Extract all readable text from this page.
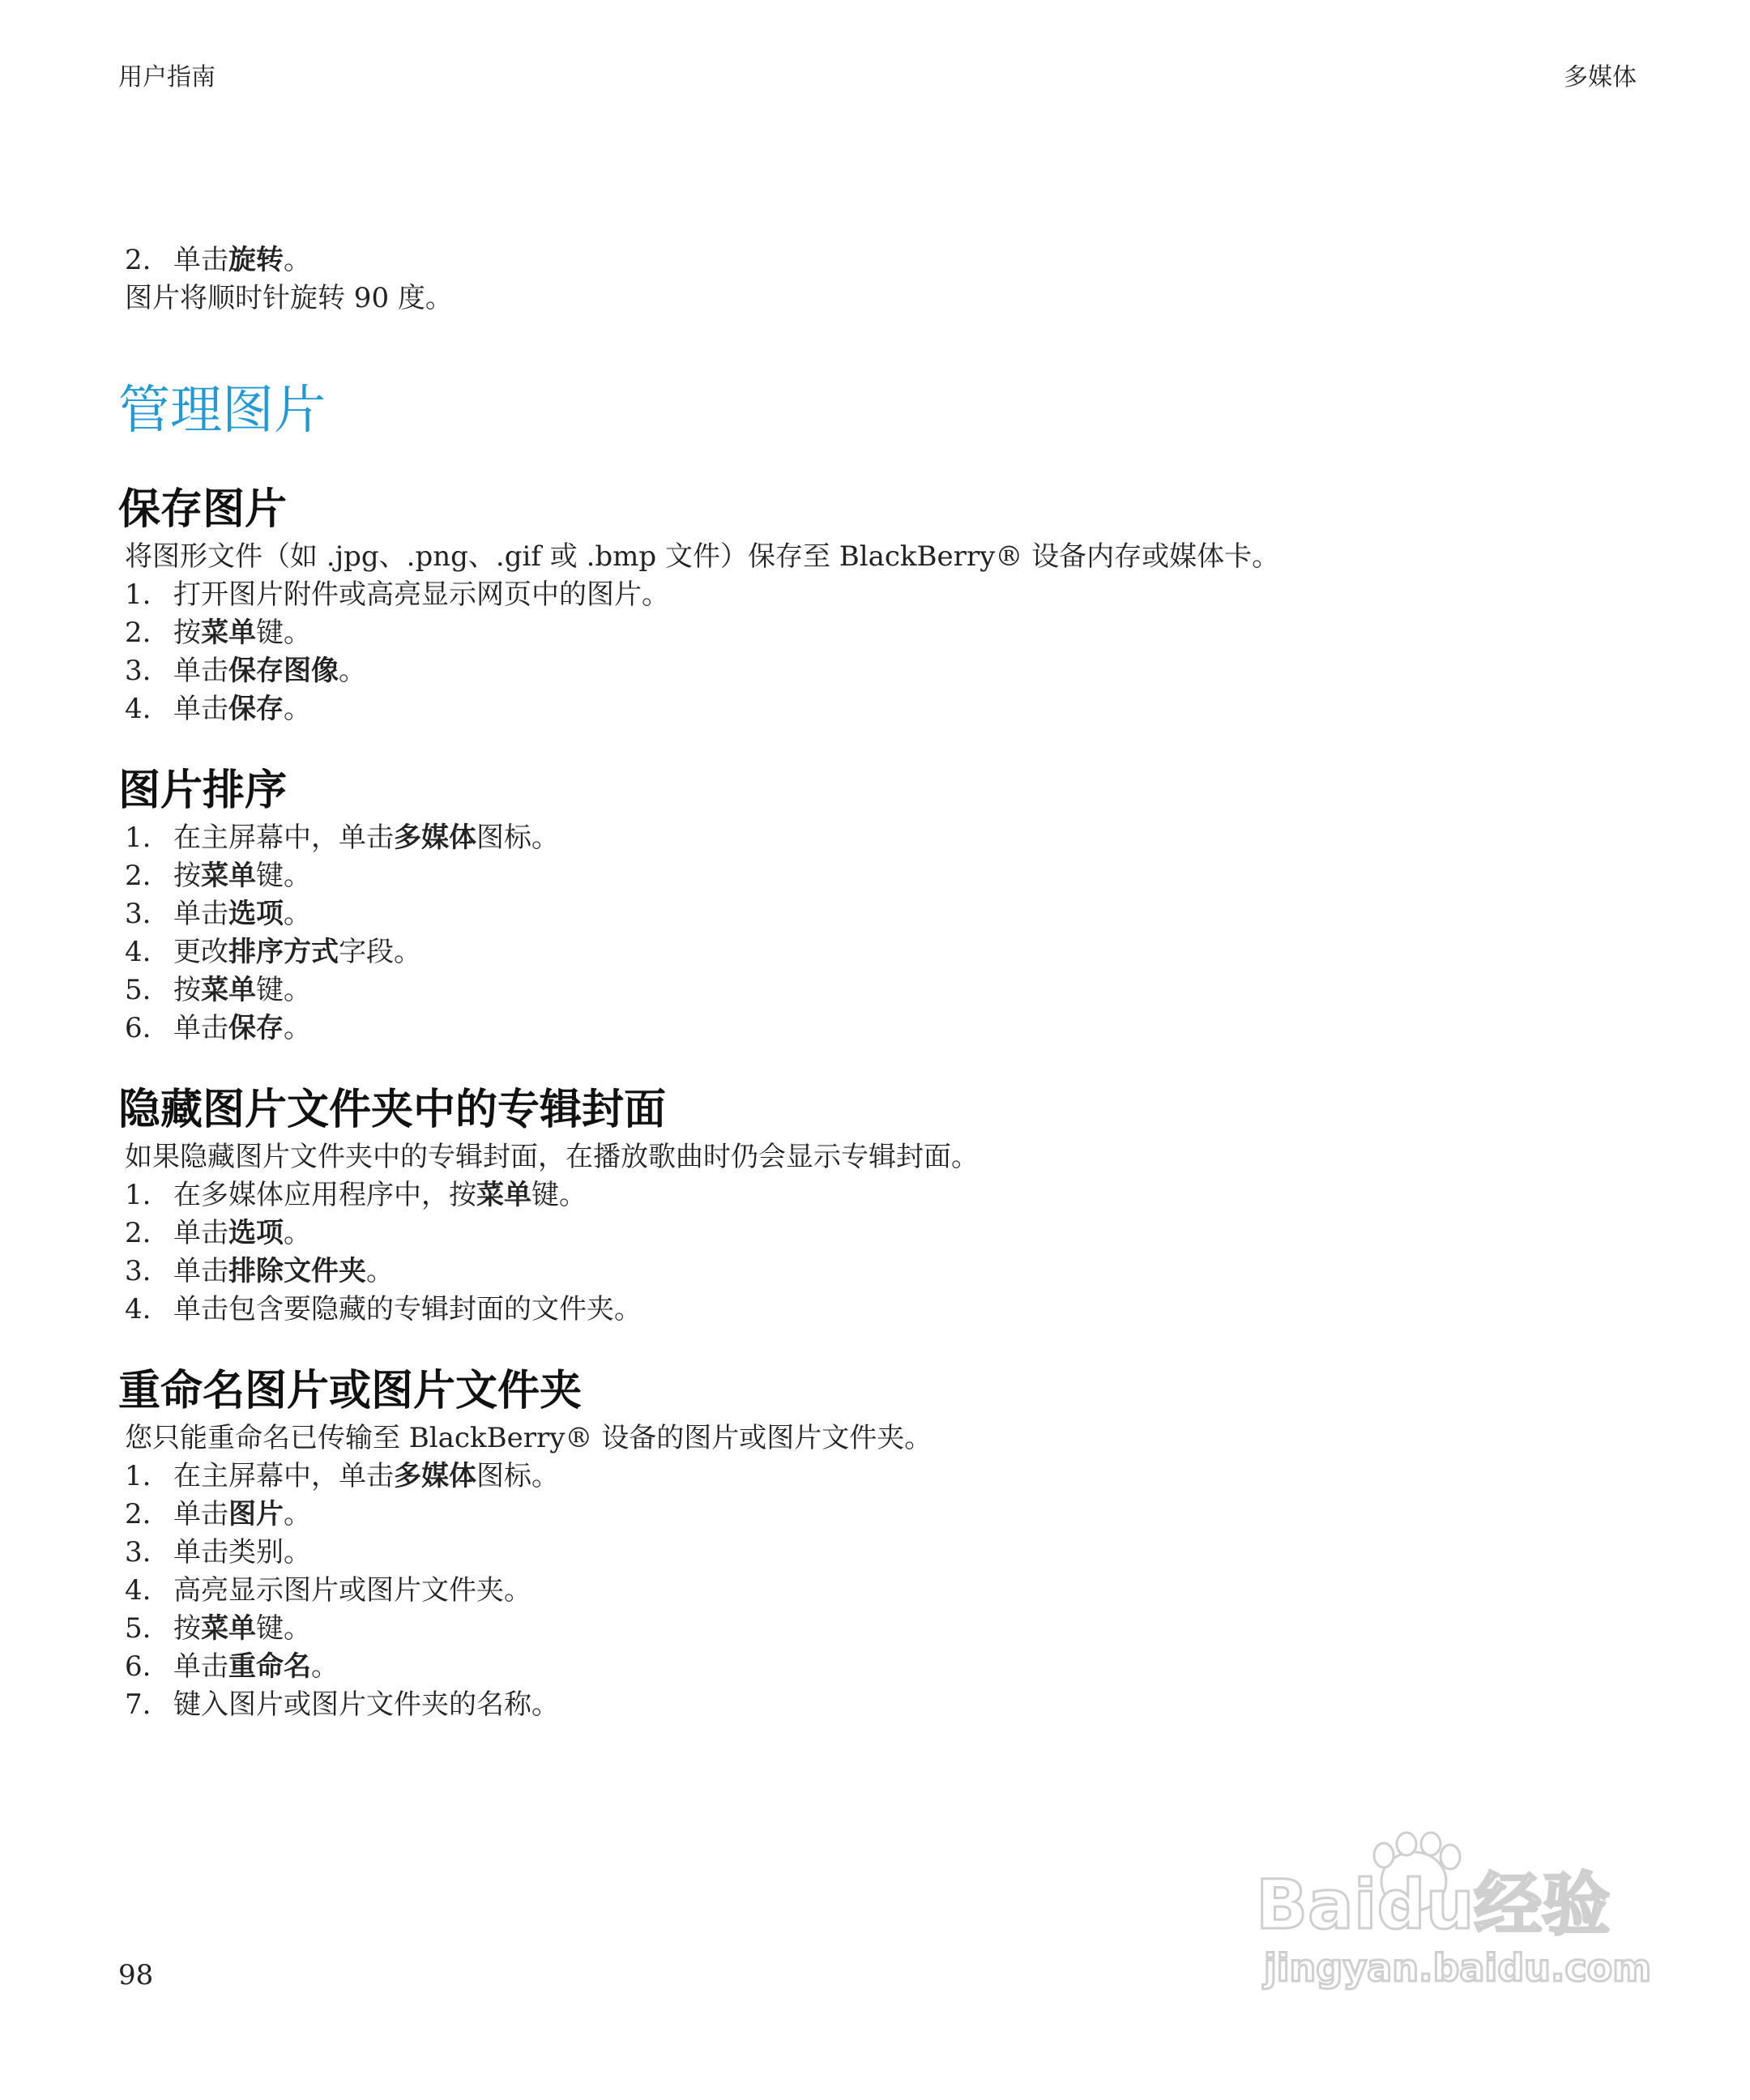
用户指南	多媒体
2. 单击旋转。
图片将顺时针旋转 90 度。
管理图片
保存图片
将图形文件（如 .jpg、.png、.gif 或 .bmp 文件）保存至 BlackBerry® 设备内存或媒体卡。
1. 打开图片附件或高亮显示网页中的图片。
2. 按菜单键。
3. 单击保存图像。
4. 单击保存。
图片排序
1. 在主屏幕中，单击多媒体图标。
2. 按菜单键。
3. 单击选项。
4. 更改排序方式字段。
5. 按菜单键。
6. 单击保存。
隐藏图片文件夹中的专辑封面
如果隐藏图片文件夹中的专辑封面，在播放歌曲时仍会显示专辑封面。
1. 在多媒体应用程序中，按菜单键。
2. 单击选项。
3. 单击排除文件夹。
4. 单击包含要隐藏的专辑封面的文件夹。
重命名图片或图片文件夹
您只能重命名已传输至 BlackBerry® 设备的图片或图片文件夹。
1. 在主屏幕中，单击多媒体图标。
2. 单击图片。
3. 单击类别。
4. 高亮显示图片或图片文件夹。
5. 按菜单键。
6. 单击重命名。
7. 键入图片或图片文件夹的名称。
98
Baidu经验
jingyan.baidu.com
